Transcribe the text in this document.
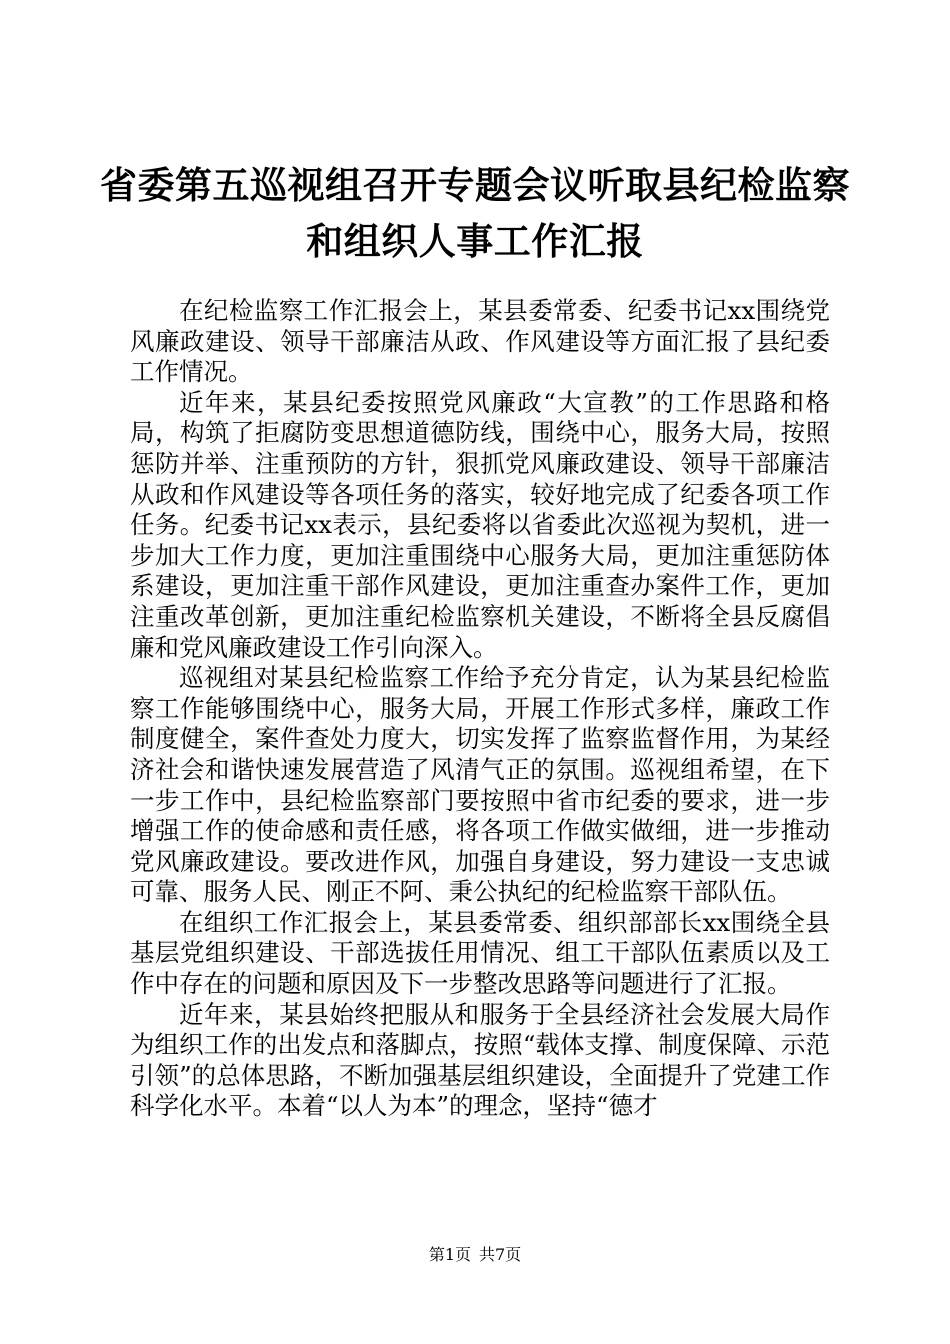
省委第五巡视组召开专题会议听取县纪检监察
和组织人事工作汇报

在纪检监察工作汇报会上，某县委常委、纪委书记xx围绕党风廉政建设、领导干部廉洁从政、作风建设等方面汇报了县纪委工作情况。

近年来，某县纪委按照党风廉政“大宣教”的工作思路和格局，构筑了拒腐防变思想道德防线，围绕中心，服务大局，按照惩防并举、注重预防的方针，狠抓党风廉政建设、领导干部廉洁从政和作风建设等各项任务的落实，较好地完成了纪委各项工作任务。纪委书记xx表示，县纪委将以省委此次巡视为契机，进一步加大工作力度，更加注重围绕中心服务大局，更加注重惩防体系建设，更加注重干部作风建设，更加注重查办案件工作，更加注重改革创新，更加注重纪检监察机关建设，不断将全县反腐倡廉和党风廉政建设工作引向深入。

巡视组对某县纪检监察工作给予充分肯定，认为某县纪检监察工作能够围绕中心，服务大局，开展工作形式多样，廉政工作制度健全，案件查处力度大，切实发挥了监察监督作用，为某经济社会和谐快速发展营造了风清气正的氛围。巡视组希望，在下一步工作中，县纪检监察部门要按照中省市纪委的要求，进一步增强工作的使命感和责任感，将各项工作做实做细，进一步推动党风廉政建设。要改进作风，加强自身建设，努力建设一支忠诚可靠、服务人民、刚正不阿、秉公执纪的纪检监察干部队伍。

在组织工作汇报会上，某县委常委、组织部部长xx围绕全县基层党组织建设、干部选拔任用情况、组工干部队伍素质以及工作中存在的问题和原因及下一步整改思路等问题进行了汇报。

近年来，某县始终把服从和服务于全县经济社会发展大局作为组织工作的出发点和落脚点，按照“载体支撑、制度保障、示范引领”的总体思路，不断加强基层组织建设，全面提升了党建工作科学化水平。本着“以人为本”的理念，坚持“德才

第1页 共7页
